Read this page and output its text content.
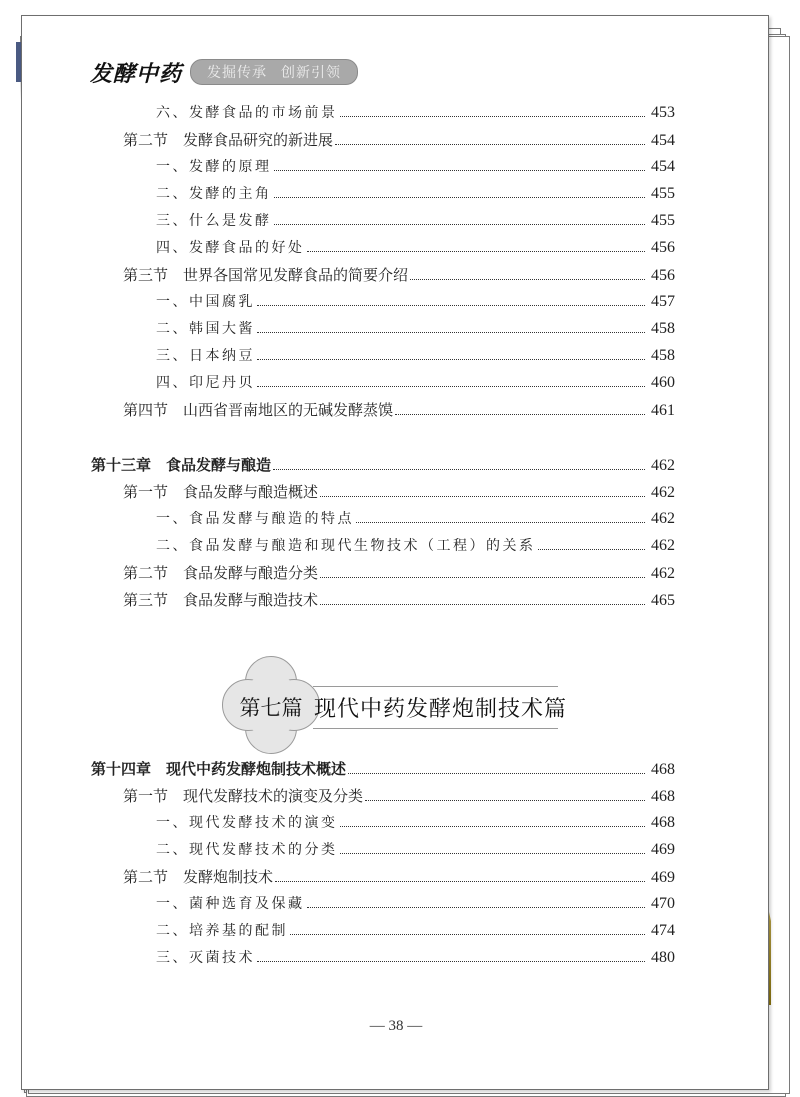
发酵中药 发掘传承 创新引领
六、发酵食品的市场前景	453
第二节　发酵食品研究的新进展	454
一、发酵的原理	454
二、发酵的主角	455
三、什么是发酵	455
四、发酵食品的好处	456
第三节　世界各国常见发酵食品的简要介绍	456
一、中国腐乳	457
二、韩国大酱	458
三、日本纳豆	458
四、印尼丹贝	460
第四节　山西省晋南地区的无碱发酵蒸馍	461
第十三章　食品发酵与酿造	462
第一节　食品发酵与酿造概述	462
一、食品发酵与酿造的特点	462
二、食品发酵与酿造和现代生物技术（工程）的关系	462
第二节　食品发酵与酿造分类	462
第三节　食品发酵与酿造技术	465
第十四章　现代中药发酵炮制技术概述	468
第一节　现代发酵技术的演变及分类	468
一、现代发酵技术的演变	468
二、现代发酵技术的分类	469
第二节　发酵炮制技术	469
一、菌种选育及保藏	470
二、培养基的配制	474
三、灭菌技术	480
第七篇 现代中药发酵炮制技术篇
— 38 —
